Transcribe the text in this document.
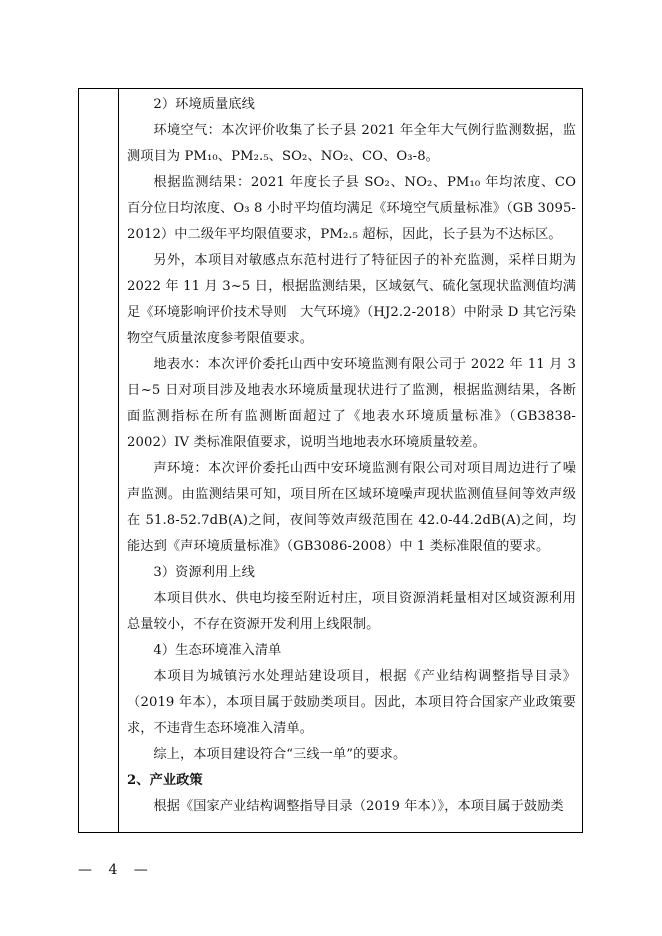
2）环境质量底线

环境空气：本次评价收集了长子县 2021 年全年大气例行监测数据，监测项目为 PM₁₀、PM₂.₅、SO₂、NO₂、CO、O₃-8。

根据监测结果：2021 年度长子县 SO₂、NO₂、PM₁₀ 年均浓度、CO 百分位日均浓度、O₃ 8 小时平均值均满足《环境空气质量标准》（GB 3095-2012）中二级年平均限值要求，PM₂.₅ 超标，因此，长子县为不达标区。

另外，本项目对敏感点东范村进行了特征因子的补充监测，采样日期为 2022 年 11 月 3~5 日，根据监测结果，区域氨气、硫化氢现状监测值均满足《环境影响评价技术导则　大气环境》（HJ2.2-2018）中附录 D 其它污染物空气质量浓度参考限值要求。

地表水：本次评价委托山西中安环境监测有限公司于 2022 年 11 月 3 日~5 日对项目涉及地表水环境质量现状进行了监测，根据监测结果，各断面监测指标在所有监测断面超过了《地表水环境质量标准》（GB3838-2002）IV 类标准限值要求，说明当地地表水环境质量较差。

声环境：本次评价委托山西中安环境监测有限公司对项目周边进行了噪声监测。由监测结果可知，项目所在区域环境噪声现状监测值昼间等效声级在 51.8-52.7dB(A)之间，夜间等效声级范围在 42.0-44.2dB(A)之间，均能达到《声环境质量标准》（GB3086-2008）中 1 类标准限值的要求。

3）资源利用上线

本项目供水、供电均接至附近村庄，项目资源消耗量相对区域资源利用总量较小，不存在资源开发利用上线限制。

4）生态环境准入清单

本项目为城镇污水处理站建设项目，根据《产业结构调整指导目录》（2019 年本），本项目属于鼓励类项目。因此，本项目符合国家产业政策要求，不违背生态环境准入清单。

综上，本项目建设符合“三线一单”的要求。

2、产业政策

根据《国家产业结构调整指导目录（2019 年本）》，本项目属于鼓励类

— 4 —
